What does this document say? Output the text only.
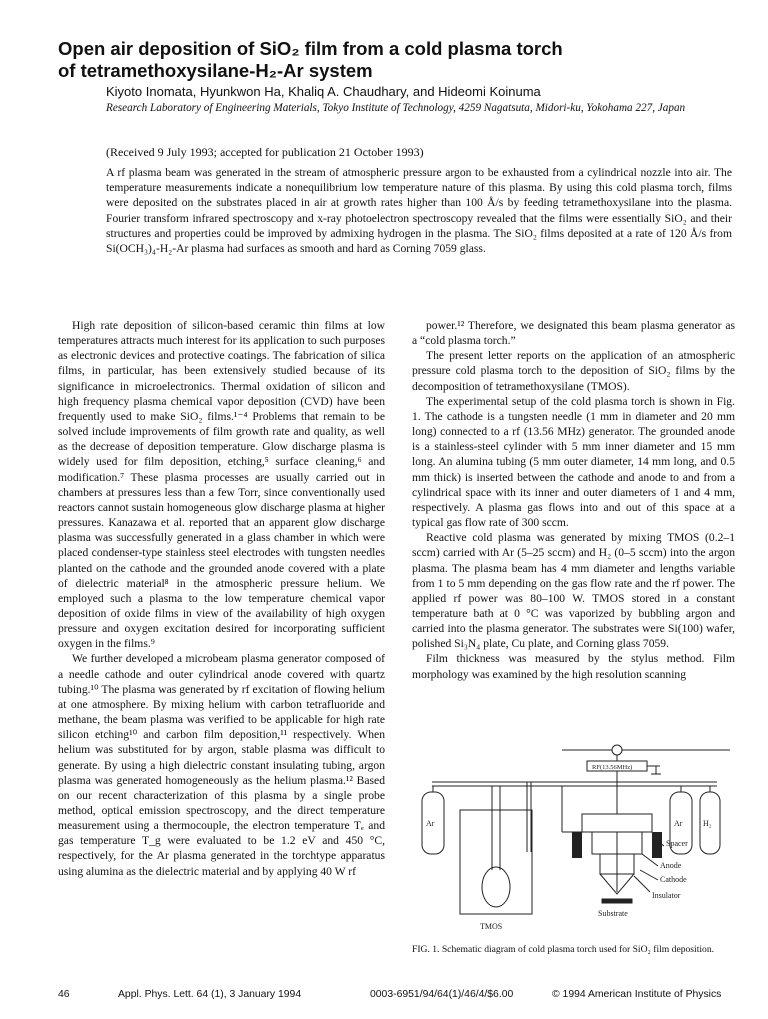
Open air deposition of SiO₂ film from a cold plasma torch
of tetramethoxysilane-H₂-Ar system
Kiyoto Inomata, Hyunkwon Ha, Khaliq A. Chaudhary, and Hideomi Koinuma
Research Laboratory of Engineering Materials, Tokyo Institute of Technology, 4259 Nagatsuta, Midori-ku, Yokohama 227, Japan
(Received 9 July 1993; accepted for publication 21 October 1993)
A rf plasma beam was generated in the stream of atmospheric pressure argon to be exhausted from a cylindrical nozzle into air. The temperature measurements indicate a nonequilibrium low temperature nature of this plasma. By using this cold plasma torch, films were deposited on the substrates placed in air at growth rates higher than 100 Å/s by feeding tetramethoxysilane into the plasma. Fourier transform infrared spectroscopy and x-ray photoelectron spectroscopy revealed that the films were essentially SiO₂ and their structures and properties could be improved by admixing hydrogen in the plasma. The SiO₂ films deposited at a rate of 120 Å/s from Si(OCH₃)₄-H₂-Ar plasma had surfaces as smooth and hard as Corning 7059 glass.

High rate deposition of silicon-based ceramic thin films at low temperatures attracts much interest for its application to such purposes as electronic devices and protective coatings. The fabrication of silica films, in particular, has been extensively studied because of its significance in microelectronics. Thermal oxidation of silicon and high frequency plasma chemical vapor deposition (CVD) have been frequently used to make SiO₂ films.¹⁻⁴ Problems that remain to be solved include improvements of film growth rate and quality, as well as the decrease of deposition temperature. Glow discharge plasma is widely used for film deposition, etching,⁵ surface cleaning,⁶ and modification.⁷ These plasma processes are usually carried out in chambers at pressures less than a few Torr, since conventionally used reactors cannot sustain homogeneous glow discharge plasma at higher pressures. Kanazawa et al. reported that an apparent glow discharge plasma was successfully generated in a glass chamber in which were placed condenser-type stainless steel electrodes with tungsten needles planted on the cathode and the grounded anode covered with a plate of dielectric material⁸ in the atmospheric pressure helium. We employed such a plasma to the low temperature chemical vapor deposition of oxide films in view of the availability of high oxygen pressure and oxygen excitation desired for incorporating sufficient oxygen in the films.⁹

We further developed a microbeam plasma generator composed of a needle cathode and outer cylindrical anode covered with quartz tubing.¹⁰ The plasma was generated by rf excitation of flowing helium at one atmosphere. By mixing helium with carbon tetrafluoride and methane, the beam plasma was verified to be applicable for high rate silicon etching¹⁰ and carbon film deposition,¹¹ respectively. When helium was substituted for by argon, stable plasma was difficult to generate. By using a high dielectric constant insulating tubing, argon plasma was generated homogeneously as the helium plasma.¹² Based on our recent characterization of this plasma by a single probe method, optical emission spectroscopy, and the direct temperature measurement using a thermocouple, the electron temperature Tₑ and gas temperature T_g were evaluated to be 1.2 eV and 450 °C, respectively, for the Ar plasma generated in the torchtype apparatus using alumina as the dielectric material and by applying 40 W rf

power.¹² Therefore, we designated this beam plasma generator as a “cold plasma torch.”

The present letter reports on the application of an atmospheric pressure cold plasma torch to the deposition of SiO₂ films by the decomposition of tetramethoxysilane (TMOS).

The experimental setup of the cold plasma torch is shown in Fig. 1. The cathode is a tungsten needle (1 mm in diameter and 20 mm long) connected to a rf (13.56 MHz) generator. The grounded anode is a stainless-steel cylinder with 5 mm inner diameter and 15 mm long. An alumina tubing (5 mm outer diameter, 14 mm long, and 0.5 mm thick) is inserted between the cathode and anode to and from a cylindrical space with its inner and outer diameters of 1 and 4 mm, respectively. A plasma gas flows into and out of this space at a typical gas flow rate of 300 sccm.

Reactive cold plasma was generated by mixing TMOS (0.2–1 sccm) carried with Ar (5–25 sccm) and H₂ (0–5 sccm) into the argon plasma. The plasma beam has 4 mm diameter and lengths variable from 1 to 5 mm depending on the gas flow rate and the rf power. The applied rf power was 80–100 W. TMOS stored in a constant temperature bath at 0 °C was vaporized by bubbling argon and carried into the plasma generator. The substrates were Si(100) wafer, polished Si₃N₄ plate, Cu plate, and Corning glass 7059.

Film thickness was measured by the stylus method. Film morphology was examined by the high resolution scanning

RF(13.56MHz)
Ar	Ar	H₂
Spacer
Anode
Cathode
Insulator
TMOS
Substrate
FIG. 1. Schematic diagram of cold plasma torch used for SiO₂ film deposition.
46	Appl. Phys. Lett. 64 (1), 3 January 1994	0003-6951/94/64(1)/46/4/$6.00	© 1994 American Institute of Physics
